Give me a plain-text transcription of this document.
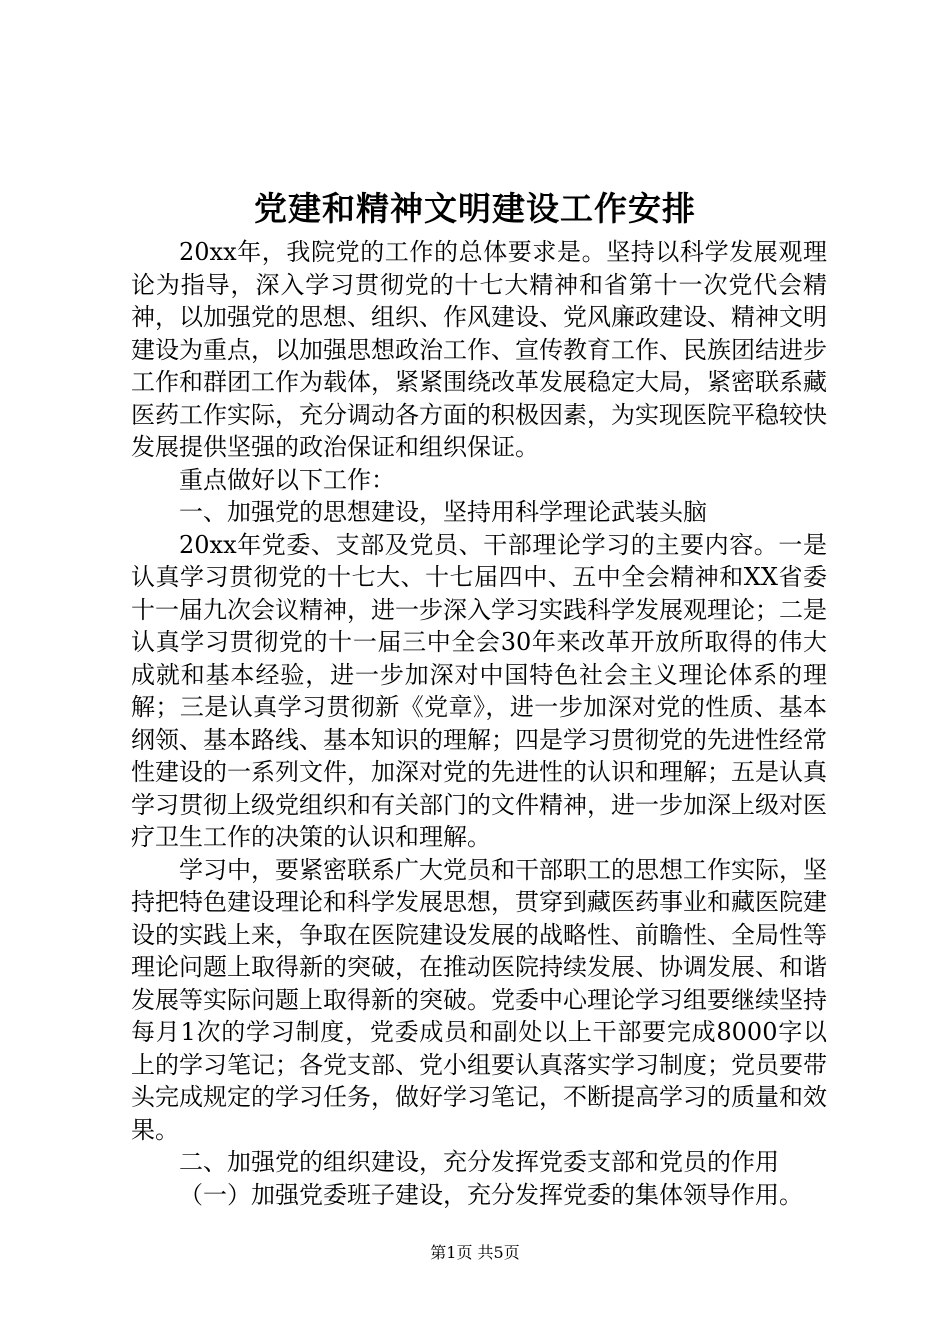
党建和精神文明建设工作安排

20xx年，我院党的工作的总体要求是。坚持以科学发展观理论为指导，深入学习贯彻党的十七大精神和省第十一次党代会精神，以加强党的思想、组织、作风建设、党风廉政建设、精神文明建设为重点，以加强思想政治工作、宣传教育工作、民族团结进步工作和群团工作为载体，紧紧围绕改革发展稳定大局，紧密联系藏医药工作实际，充分调动各方面的积极因素，为实现医院平稳较快发展提供坚强的政治保证和组织保证。

重点做好以下工作：

一、加强党的思想建设，坚持用科学理论武装头脑

20xx年党委、支部及党员、干部理论学习的主要内容。一是认真学习贯彻党的十七大、十七届四中、五中全会精神和XX省委十一届九次会议精神，进一步深入学习实践科学发展观理论；二是认真学习贯彻党的十一届三中全会30年来改革开放所取得的伟大成就和基本经验，进一步加深对中国特色社会主义理论体系的理解；三是认真学习贯彻新《党章》，进一步加深对党的性质、基本纲领、基本路线、基本知识的理解；四是学习贯彻党的先进性经常性建设的一系列文件，加深对党的先进性的认识和理解；五是认真学习贯彻上级党组织和有关部门的文件精神，进一步加深上级对医疗卫生工作的决策的认识和理解。

学习中，要紧密联系广大党员和干部职工的思想工作实际，坚持把特色建设理论和科学发展思想，贯穿到藏医药事业和藏医院建设的实践上来，争取在医院建设发展的战略性、前瞻性、全局性等理论问题上取得新的突破，在推动医院持续发展、协调发展、和谐发展等实际问题上取得新的突破。党委中心理论学习组要继续坚持每月1次的学习制度，党委成员和副处以上干部要完成8000字以上的学习笔记；各党支部、党小组要认真落实学习制度；党员要带头完成规定的学习任务，做好学习笔记，不断提高学习的质量和效果。

二、加强党的组织建设，充分发挥党委支部和党员的作用

（一）加强党委班子建设，充分发挥党委的集体领导作用。

第1页 共5页
